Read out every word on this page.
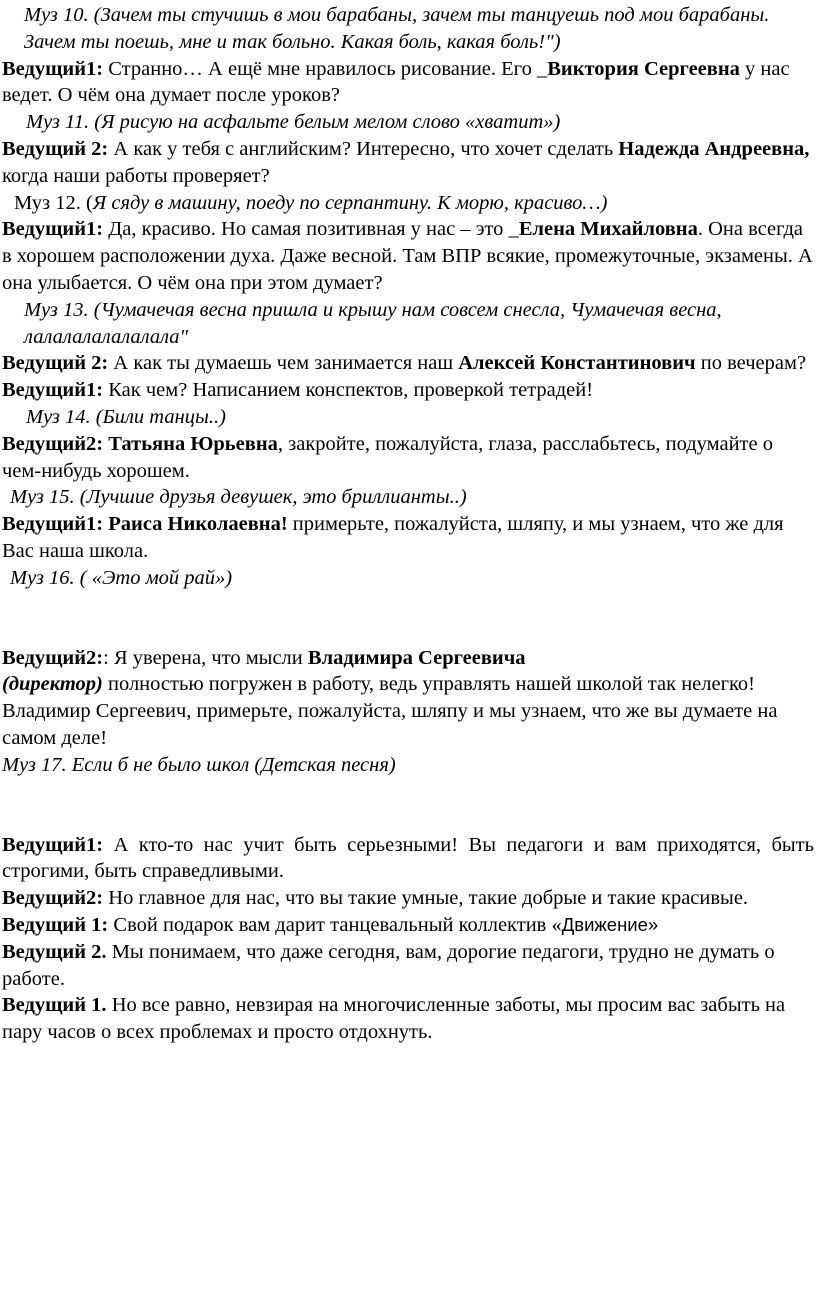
Муз 10. (Зачем ты стучишь в мои барабаны, зачем ты танцуешь под мои барабаны. Зачем ты поешь, мне и так больно. Какая боль, какая боль!")

Ведущий1: Странно… А ещё мне нравилось рисование. Его _Виктория Сергеевна у нас ведет. О чём она думает после уроков?

Муз 11. (Я рисую на асфальте белым мелом слово «хватит»)

Ведущий 2: А как у тебя с английским? Интересно, что хочет сделать Надежда Андреевна, когда наши работы проверяет?

Муз 12. (Я сяду в машину, поеду по серпантину. К морю, красиво…)

Ведущий1: Да, красиво. Но самая позитивная у нас – это _Елена Михайловна. Она всегда в хорошем расположении духа. Даже весной. Там ВПР всякие, промежуточные, экзамены. А она улыбается. О чём она при этом думает?

Муз 13. (Чумачечая весна пришла и крышу нам совсем снесла, Чумачечая весна, лалалалалалалала"

Ведущий 2: А как ты думаешь чем занимается наш Алексей Константинович по вечерам?

Ведущий1: Как чем? Написанием конспектов, проверкой тетрадей!

Муз 14. (Били танцы..)

Ведущий2: Татьяна Юрьевна, закройте, пожалуйста, глаза, расслабьтесь, подумайте о чем-нибудь хорошем.

Муз 15. (Лучшие друзья девушек, это бриллианты..)

Ведущий1: Раиса Николаевна! примерьте, пожалуйста, шляпу, и мы узнаем, что же для Вас наша школа.

Муз 16. ( «Это мой рай»)

Ведущий2:: Я уверена, что мысли Владимира Сергеевича
(директор) полностью погружен в работу, ведь управлять нашей школой так нелегко! Владимир Сергеевич, примерьте, пожалуйста, шляпу и мы узнаем, что же вы думаете на самом деле!

Муз 17. Если б не было школ (Детская песня)

Ведущий1: А кто-то нас учит быть серьезными! Вы педагоги и вам приходятся, быть строгими, быть справедливыми.

Ведущий2: Но главное для нас, что вы такие умные, такие добрые и такие красивые.

Ведущий 1: Свой подарок вам дарит танцевальный коллектив «Движение»

Ведущий 2. Мы понимаем, что даже сегодня, вам, дорогие педагоги, трудно не думать о работе.

Ведущий 1. Но все равно, невзирая на многочисленные заботы, мы просим вас забыть на пару часов о всех проблемах и просто отдохнуть.
